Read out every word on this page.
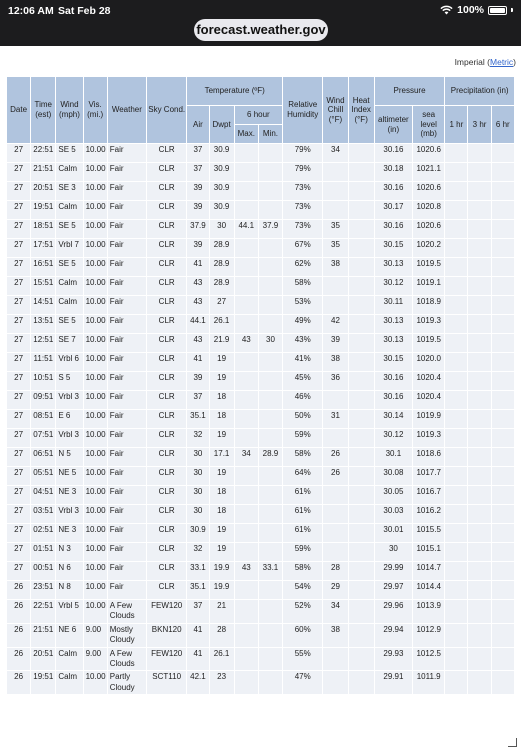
12:06 AM Sat Feb 28	100%
forecast.weather.gov
Imperial (Metric)
Date	Time (est)	Wind (mph)	Vis. (mi.)	Weather	Sky Cond.	Temperature (ºF)				Relative Humidity	Wind Chill (°F)	Heat Index (°F)	Pressure		Precipitation (in)		
						Air	Dwpt	6 hour					altimeter (in)	sea level (mb)	1 hr	3 hr	6 hr
								Max.	Min.								
27	22:51	SE 5	10.00	Fair	CLR	37	30.9			79%	34		30.16	1020.6			
27	21:51	Calm	10.00	Fair	CLR	37	30.9			79%			30.18	1021.1			
27	20:51	SE 3	10.00	Fair	CLR	39	30.9			73%			30.16	1020.6			
27	19:51	Calm	10.00	Fair	CLR	39	30.9			73%			30.17	1020.8			
27	18:51	SE 5	10.00	Fair	CLR	37.9	30	44.1	37.9	73%	35		30.16	1020.6			
27	17:51	Vrbl 7	10.00	Fair	CLR	39	28.9			67%	35		30.15	1020.2			
27	16:51	SE 5	10.00	Fair	CLR	41	28.9			62%	38		30.13	1019.5			
27	15:51	Calm	10.00	Fair	CLR	43	28.9			58%			30.12	1019.1			
27	14:51	Calm	10.00	Fair	CLR	43	27			53%			30.11	1018.9			
27	13:51	SE 5	10.00	Fair	CLR	44.1	26.1			49%	42		30.13	1019.3			
27	12:51	SE 7	10.00	Fair	CLR	43	21.9	43	30	43%	39		30.13	1019.5			
27	11:51	Vrbl 6	10.00	Fair	CLR	41	19			41%	38		30.15	1020.0			
27	10:51	S 5	10.00	Fair	CLR	39	19			45%	36		30.16	1020.4			
27	09:51	Vrbl 3	10.00	Fair	CLR	37	18			46%			30.16	1020.4			
27	08:51	E 6	10.00	Fair	CLR	35.1	18			50%	31		30.14	1019.9			
27	07:51	Vrbl 3	10.00	Fair	CLR	32	19			59%			30.12	1019.3			
27	06:51	N 5	10.00	Fair	CLR	30	17.1	34	28.9	58%	26		30.1	1018.6			
27	05:51	NE 5	10.00	Fair	CLR	30	19			64%	26		30.08	1017.7			
27	04:51	NE 3	10.00	Fair	CLR	30	18			61%			30.05	1016.7			
27	03:51	Vrbl 3	10.00	Fair	CLR	30	18			61%			30.03	1016.2			
27	02:51	NE 3	10.00	Fair	CLR	30.9	19			61%			30.01	1015.5			
27	01:51	N 3	10.00	Fair	CLR	32	19			59%			30	1015.1			
27	00:51	N 6	10.00	Fair	CLR	33.1	19.9	43	33.1	58%	28		29.99	1014.7			
26	23:51	N 8	10.00	Fair	CLR	35.1	19.9			54%	29		29.97	1014.4			
26	22:51	Vrbl 5	10.00	A Few Clouds	FEW120	37	21			52%	34		29.96	1013.9			
26	21:51	NE 6	9.00	Mostly Cloudy	BKN120	41	28			60%	38		29.94	1012.9			
26	20:51	Calm	9.00	A Few Clouds	FEW120	41	26.1			55%			29.93	1012.5			
26	19:51	Calm	10.00	Partly Cloudy	SCT110	42.1	23			47%			29.91	1011.9			
